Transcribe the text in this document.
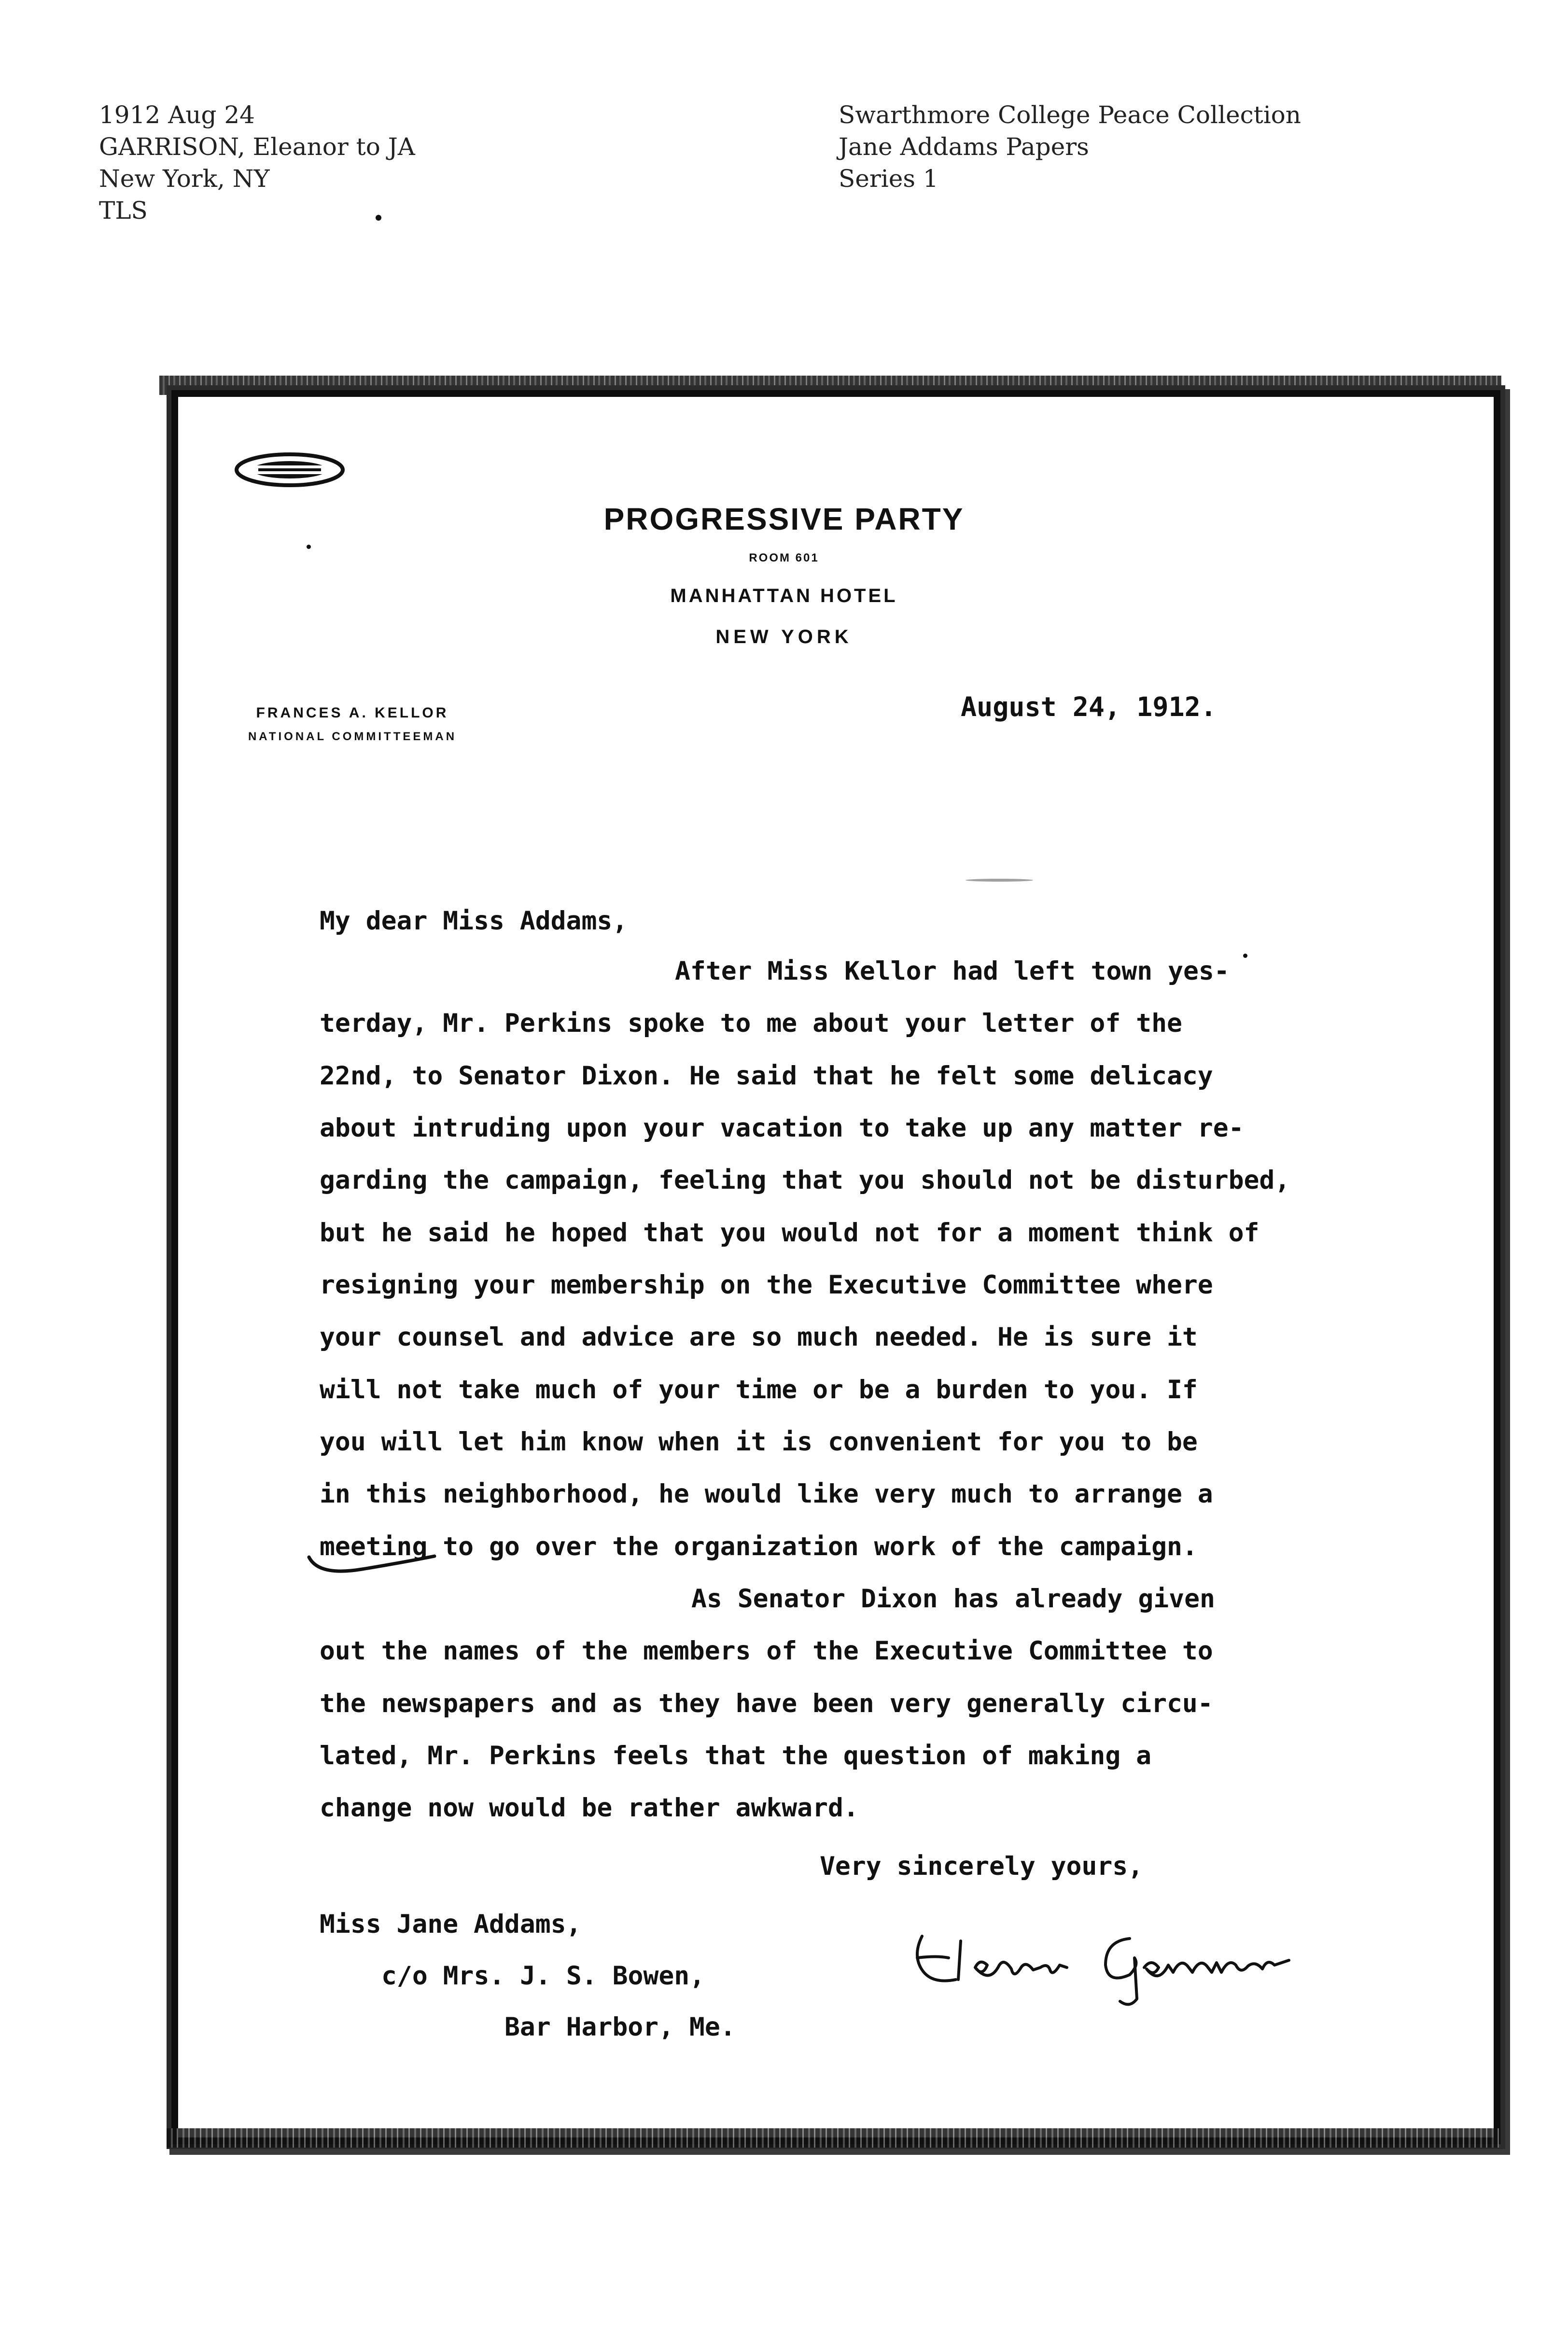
1912 Aug 24
GARRISON, Eleanor to JA
New York, NY
TLS
Swarthmore College Peace Collection
Jane Addams Papers
Series 1
PROGRESSIVE PARTY
ROOM 601
MANHATTAN HOTEL
NEW YORK
FRANCES A. KELLOR
NATIONAL COMMITTEEMAN
August 24, 1912.
My dear Miss Addams,
After Miss Kellor had left town yes-
terday, Mr. Perkins spoke to me about your letter of the
22nd, to Senator Dixon. He said that he felt some delicacy
about intruding upon your vacation to take up any matter re-
garding the campaign, feeling that you should not be disturbed,
but he said he hoped that you would not for a moment think of
resigning your membership on the Executive Committee where
your counsel and advice are so much needed. He is sure it
will not take much of your time or be a burden to you. If
you will let him know when it is convenient for you to be
in this neighborhood, he would like very much to arrange a
meeting to go over the organization work of the campaign.
As Senator Dixon has already given
out the names of the members of the Executive Committee to
the newspapers and as they have been very generally circu-
lated, Mr. Perkins feels that the question of making a
change now would be rather awkward.
Very sincerely yours,
Miss Jane Addams,
c/o Mrs. J. S. Bowen,
Bar Harbor, Me.
